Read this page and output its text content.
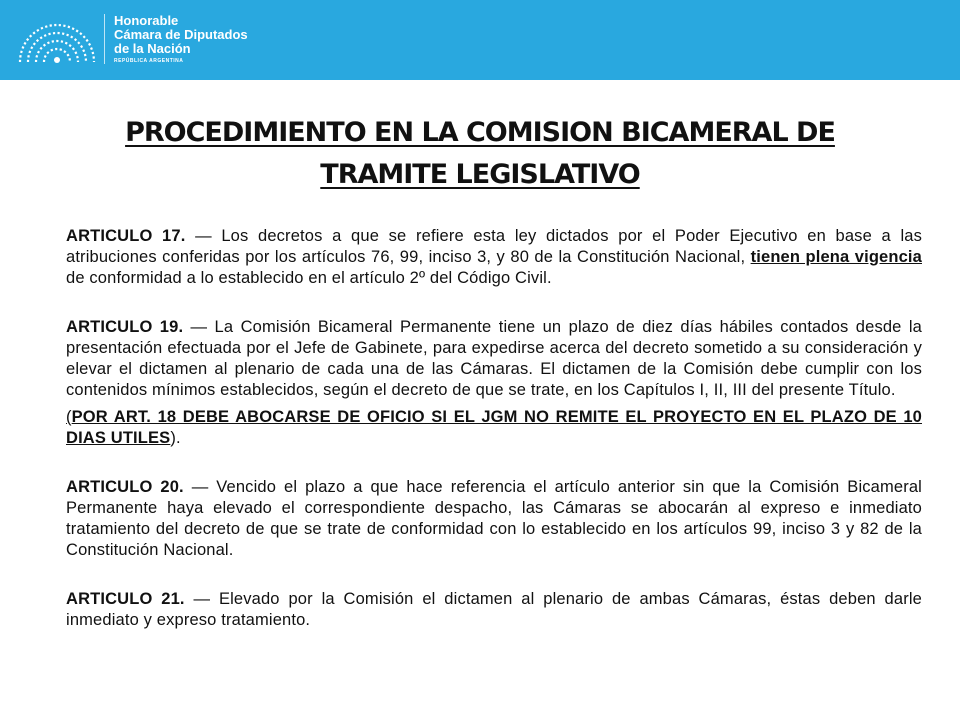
Honorable
Cámara de Diputados
de la Nación
REPÚBLICA ARGENTINA
PROCEDIMIENTO EN LA COMISION BICAMERAL DE
TRAMITE LEGISLATIVO

ARTICULO 17. — Los decretos a que se refiere esta ley dictados por el Poder Ejecutivo en base a las atribuciones conferidas por los artículos 76, 99, inciso 3, y 80 de la Constitución Nacional, tienen plena vigencia de conformidad a lo establecido en el artículo 2º del Código Civil.

ARTICULO 19. — La Comisión Bicameral Permanente tiene un plazo de diez días hábiles contados desde la presentación efectuada por el Jefe de Gabinete, para expedirse acerca del decreto sometido a su consideración y elevar el dictamen al plenario de cada una de las Cámaras. El dictamen de la Comisión debe cumplir con los contenidos mínimos establecidos, según el decreto de que se trate, en los Capítulos I, II, III del presente Título.

(POR ART. 18 DEBE ABOCARSE DE OFICIO SI EL JGM NO REMITE EL PROYECTO EN EL PLAZO DE 10 DIAS UTILES).

ARTICULO 20. — Vencido el plazo a que hace referencia el artículo anterior sin que la Comisión Bicameral Permanente haya elevado el correspondiente despacho, las Cámaras se abocarán al expreso e inmediato tratamiento del decreto de que se trate de conformidad con lo establecido en los artículos 99, inciso 3 y 82 de la Constitución Nacional.

ARTICULO 21. — Elevado por la Comisión el dictamen al plenario de ambas Cámaras, éstas deben darle inmediato y expreso tratamiento.
